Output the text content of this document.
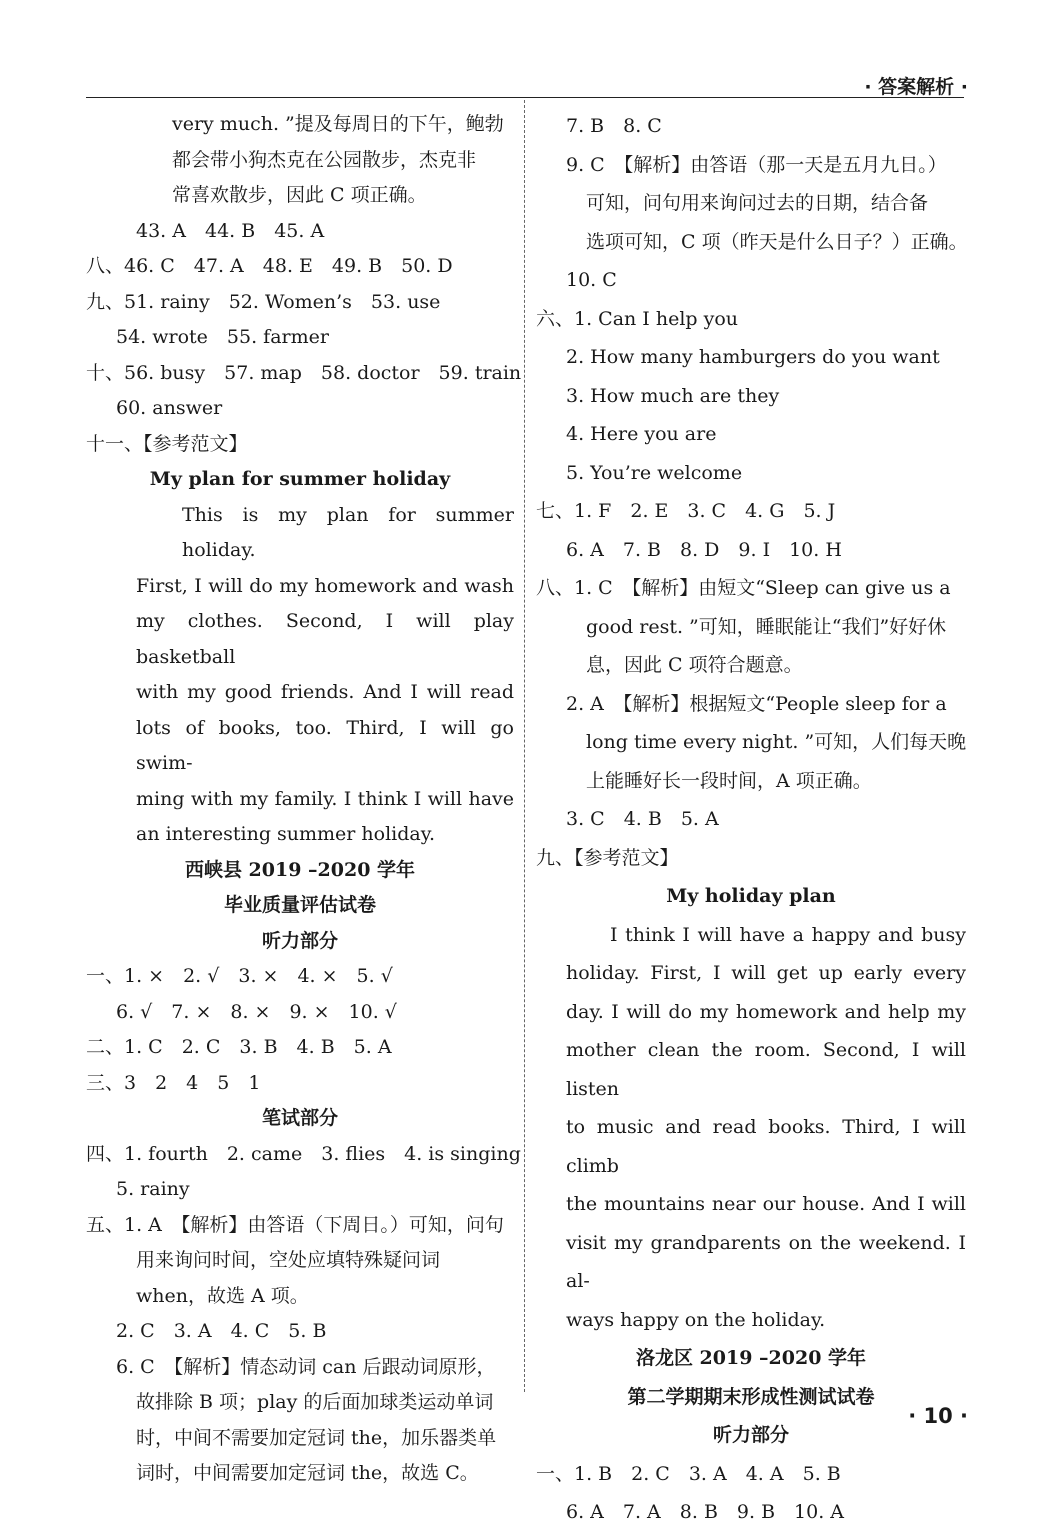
· 答案解析 ·
very much. ”提及每周日的下午，鲍勃
都会带小狗杰克在公园散步，杰克非
常喜欢散步，因此 C 项正确。
43. A　44. B　45. A
八、46. C　47. A　48. E　49. B　50. D
九、51. rainy　52. Women’s　53. use
54. wrote　55. farmer
十、56. busy　57. map　58. doctor　59. train
60. answer
十一、【参考范文】
My plan for summer holiday
This is my plan for summer holiday.
First, I will do my homework and wash
my clothes. Second, I will play basketball
with my good friends. And I will read
lots of books, too. Third, I will go swim-
ming with my family. I think I will have
an interesting summer holiday.
西峡县 2019 –2020 学年
毕业质量评估试卷
听力部分
一、1. ×　2. √　3. ×　4. ×　5. √
6. √　7. ×　8. ×　9. ×　10. √
二、1. C　2. C　3. B　4. B　5. A
三、3　2　4　5　1
笔试部分
四、1. fourth　2. came　3. flies　4. is singing
5. rainy
五、1. A　【解析】由答语（下周日。）可知，问句
用来询问时间，空处应填特殊疑问词
when，故选 A 项。
2. C　3. A　4. C　5. B
6. C　【解析】情态动词 can 后跟动词原形，
故排除 B 项；play 的后面加球类运动单词
时，中间不需要加定冠词 the，加乐器类单
词时，中间需要加定冠词 the，故选 C。
7. B　8. C
9. C　【解析】由答语（那一天是五月九日。）
可知，问句用来询问过去的日期，结合备
选项可知，C 项（昨天是什么日子？）正确。
10. C
六、1. Can I help you
2. How many hamburgers do you want
3. How much are they
4. Here you are
5. You’re welcome
七、1. F　2. E　3. C　4. G　5. J
6. A　7. B　8. D　9. I　10. H
八、1. C　【解析】由短文“Sleep can give us a
good rest. ”可知，睡眠能让“我们”好好休
息，因此 C 项符合题意。
2. A　【解析】根据短文“People sleep for a
long time every night. ”可知，人们每天晚
上能睡好长一段时间，A 项正确。
3. C　4. B　5. A
九、【参考范文】
My holiday plan
I think I will have a happy and busy
holiday. First, I will get up early every
day. I will do my homework and help my
mother clean the room. Second, I will listen
to music and read books. Third, I will climb
the mountains near our house. And I will
visit my grandparents on the weekend. I al-
ways happy on the holiday.
洛龙区 2019 –2020 学年
第二学期期末形成性测试试卷
听力部分
一、1. B　2. C　3. A　4. A　5. B
6. A　7. A　8. B　9. B　10. A
· 10 ·
